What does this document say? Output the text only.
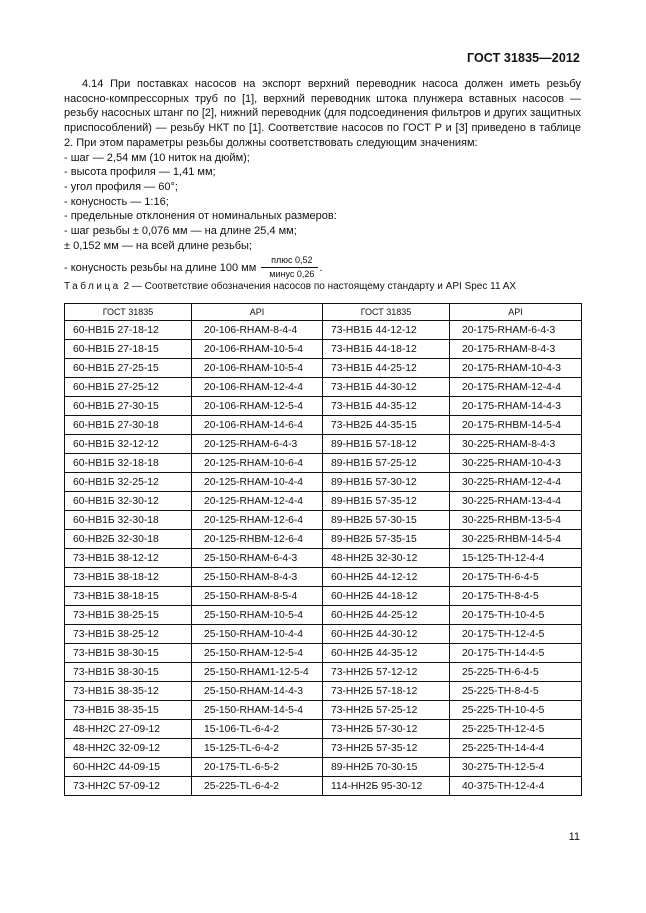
ГОСТ 31835—2012

4.14 При поставках насосов на экспорт верхний переводник насоса должен иметь резьбу насосно-компрессорных труб по [1], верхний переводник штока плунжера вставных насосов — резьбу насосных штанг по [2], нижний переводник (для подсоединения фильтров и других защитных приспособлений) — резьбу НКТ по [1]. Соответствие насосов по ГОСТ Р и [3] приведено в таблице 2. При этом параметры резьбы должны соответствовать следующим значениям:

- шаг — 2,54 мм (10 ниток на дюйм);
- высота профиля — 1,41 мм;
- угол профиля — 60°;
- конусность — 1:16;
- предельные отклонения от номинальных размеров:
- шаг резьбы ± 0,076 мм — на длине 25,4 мм;
± 0,152 мм — на всей длине резьбы;
- конусность резьбы на длине 100 мм $\frac{\text{плюс 0,52}}{\text{минус 0,26}}$ .
Таблица 2 — Соответствие обозначения насосов по настоящему стандарту и API Spec 11 AX
ГОСТ 31835	API	ГОСТ 31835	API
60-НВ1Б 27-18-12	20-106-RHAM-8-4-4	73-НВ1Б 44-12-12	20-175-RHAM-6-4-3
60-НВ1Б 27-18-15	20-106-RHAM-10-5-4	73-НВ1Б 44-18-12	20-175-RHAM-8-4-3
60-НВ1Б 27-25-15	20-106-RHAM-10-5-4	73-НВ1Б 44-25-12	20-175-RHAM-10-4-3
60-НВ1Б 27-25-12	20-106-RHAM-12-4-4	73-НВ1Б 44-30-12	20-175-RHAM-12-4-4
60-НВ1Б 27-30-15	20-106-RHAM-12-5-4	73-НВ1Б 44-35-12	20-175-RHAM-14-4-3
60-НВ1Б 27-30-18	20-106-RHAM-14-6-4	73-НВ2Б 44-35-15	20-175-RHBM-14-5-4
60-НВ1Б 32-12-12	20-125-RHAM-6-4-3	89-НВ1Б 57-18-12	30-225-RHAM-8-4-3
60-НВ1Б 32-18-18	20-125-RHAM-10-6-4	89-НВ1Б 57-25-12	30-225-RHAM-10-4-3
60-НВ1Б 32-25-12	20-125-RHAM-10-4-4	89-НВ1Б 57-30-12	30-225-RHAM-12-4-4
60-НВ1Б 32-30-12	20-125-RHAM-12-4-4	89-НВ1Б 57-35-12	30-225-RHAM-13-4-4
60-НВ1Б 32-30-18	20-125-RHAM-12-6-4	89-НВ2Б 57-30-15	30-225-RHBM-13-5-4
60-НВ2Б 32-30-18	20-125-RHBM-12-6-4	89-НВ2Б 57-35-15	30-225-RHBM-14-5-4
73-НВ1Б 38-12-12	25-150-RHAM-6-4-3	48-НН2Б 32-30-12	15-125-TH-12-4-4
73-НВ1Б 38-18-12	25-150-RHAM-8-4-3	60-НН2Б 44-12-12	20-175-TH-6-4-5
73-НВ1Б 38-18-15	25-150-RHAM-8-5-4	60-НН2Б 44-18-12	20-175-TH-8-4-5
73-НВ1Б 38-25-15	25-150-RHAM-10-5-4	60-НН2Б 44-25-12	20-175-TH-10-4-5
73-НВ1Б 38-25-12	25-150-RHAM-10-4-4	60-НН2Б 44-30-12	20-175-TH-12-4-5
73-НВ1Б 38-30-15	25-150-RHAM-12-5-4	60-НН2Б 44-35-12	20-175-TH-14-4-5
73-НВ1Б 38-30-15	25-150-RHAM1-12-5-4	73-НН2Б 57-12-12	25-225-TH-6-4-5
73-НВ1Б 38-35-12	25-150-RHAM-14-4-3	73-НН2Б 57-18-12	25-225-TH-8-4-5
73-НВ1Б 38-35-15	25-150-RHAM-14-5-4	73-НН2Б 57-25-12	25-225-TH-10-4-5
48-НН2С 27-09-12	15-106-TL-6-4-2	73-НН2Б 57-30-12	25-225-TH-12-4-5
48-НН2С 32-09-12	15-125-TL-6-4-2	73-НН2Б 57-35-12	25-225-TH-14-4-4
60-НН2С 44-09-15	20-175-TL-6-5-2	89-НН2Б 70-30-15	30-275-TH-12-5-4
73-НН2С 57-09-12	25-225-TL-6-4-2	114-НН2Б 95-30-12	40-375-TH-12-4-4
11
